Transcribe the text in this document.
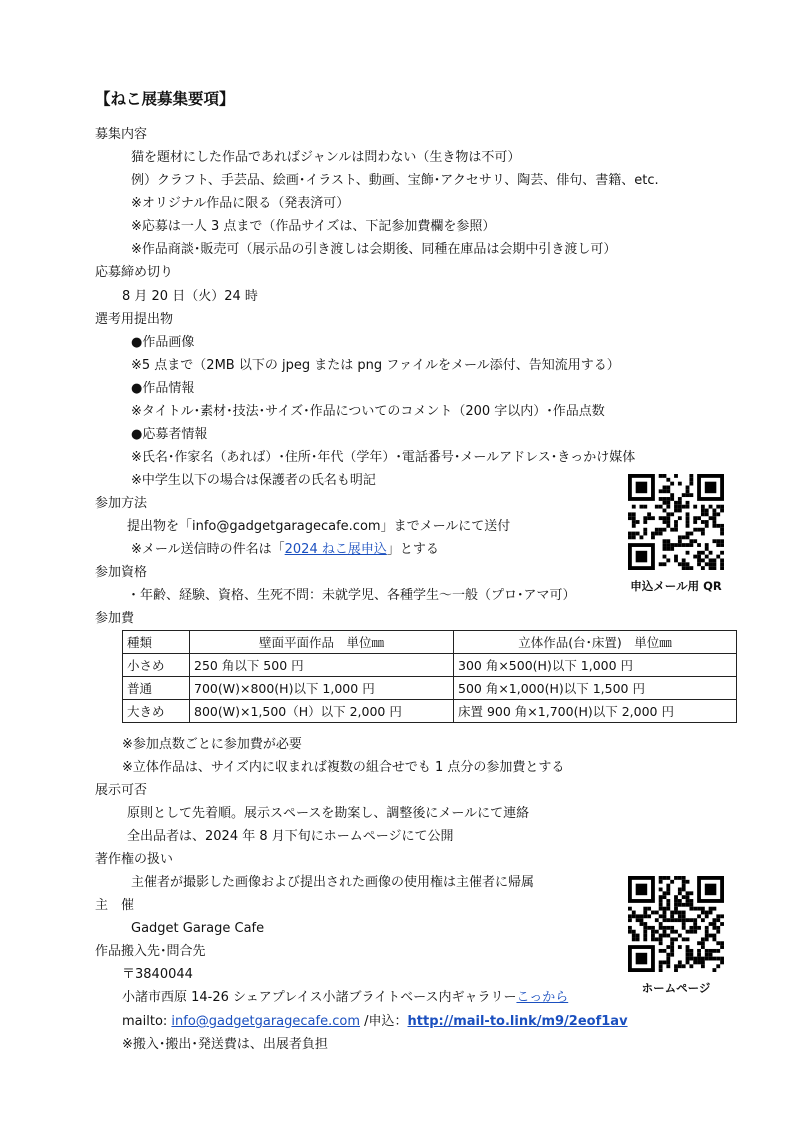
【ねこ展募集要項】
募集内容
猫を題材にした作品であればジャンルは問わない（生き物は不可）
例）クラフト、手芸品、絵画･イラスト、動画、宝飾･アクセサリ、陶芸、俳句、書籍、etc.
※オリジナル作品に限る（発表済可）
※応募は一人 3 点まで（作品サイズは、下記参加費欄を参照）
※作品商談･販売可（展示品の引き渡しは会期後、同種在庫品は会期中引き渡し可）
応募締め切り
8 月 20 日（火）24 時
選考用提出物
●作品画像
※5 点まで（2MB 以下の jpeg または png ファイルをメール添付、告知流用する）
●作品情報
※タイトル･素材･技法･サイズ･作品についてのコメント（200 字以内）･作品点数
●応募者情報
※氏名･作家名（あれば）･住所･年代（学年）･電話番号･メールアドレス･きっかけ媒体
※中学生以下の場合は保護者の氏名も明記
参加方法
提出物を「info@gadgetgaragecafe.com」までメールにて送付
※メール送信時の件名は「2024 ねこ展申込」とする
参加資格
・年齢、経験、資格、生死不問：未就学児、各種学生～一般（プロ･アマ可）
参加費
種類	壁面平面作品　単位㎜	立体作品(台･床置)　単位㎜
小さめ	250 角以下 500 円	300 角×500(H)以下 1,000 円
普通	700(W)×800(H)以下 1,000 円	500 角×1,000(H)以下 1,500 円
大きめ	800(W)×1,500（H）以下 2,000 円	床置 900 角×1,700(H)以下 2,000 円
※参加点数ごとに参加費が必要
※立体作品は、サイズ内に収まれば複数の組合せでも 1 点分の参加費とする
展示可否
原則として先着順。展示スペースを勘案し、調整後にメールにて連絡
全出品者は、2024 年 8 月下旬にホームページにて公開
著作権の扱い
主催者が撮影した画像および提出された画像の使用権は主催者に帰属
主　催
Gadget Garage Cafe
作品搬入先･問合先
〒3840044
小諸市西原 14-26 シェアプレイス小諸ブライトベース内ギャラリーこっから
mailto: info@gadgetgaragecafe.com /申込：http://mail-to.link/m9/2eof1av
※搬入･搬出･発送費は、出展者負担
申込メール用 QR
ホームページ
